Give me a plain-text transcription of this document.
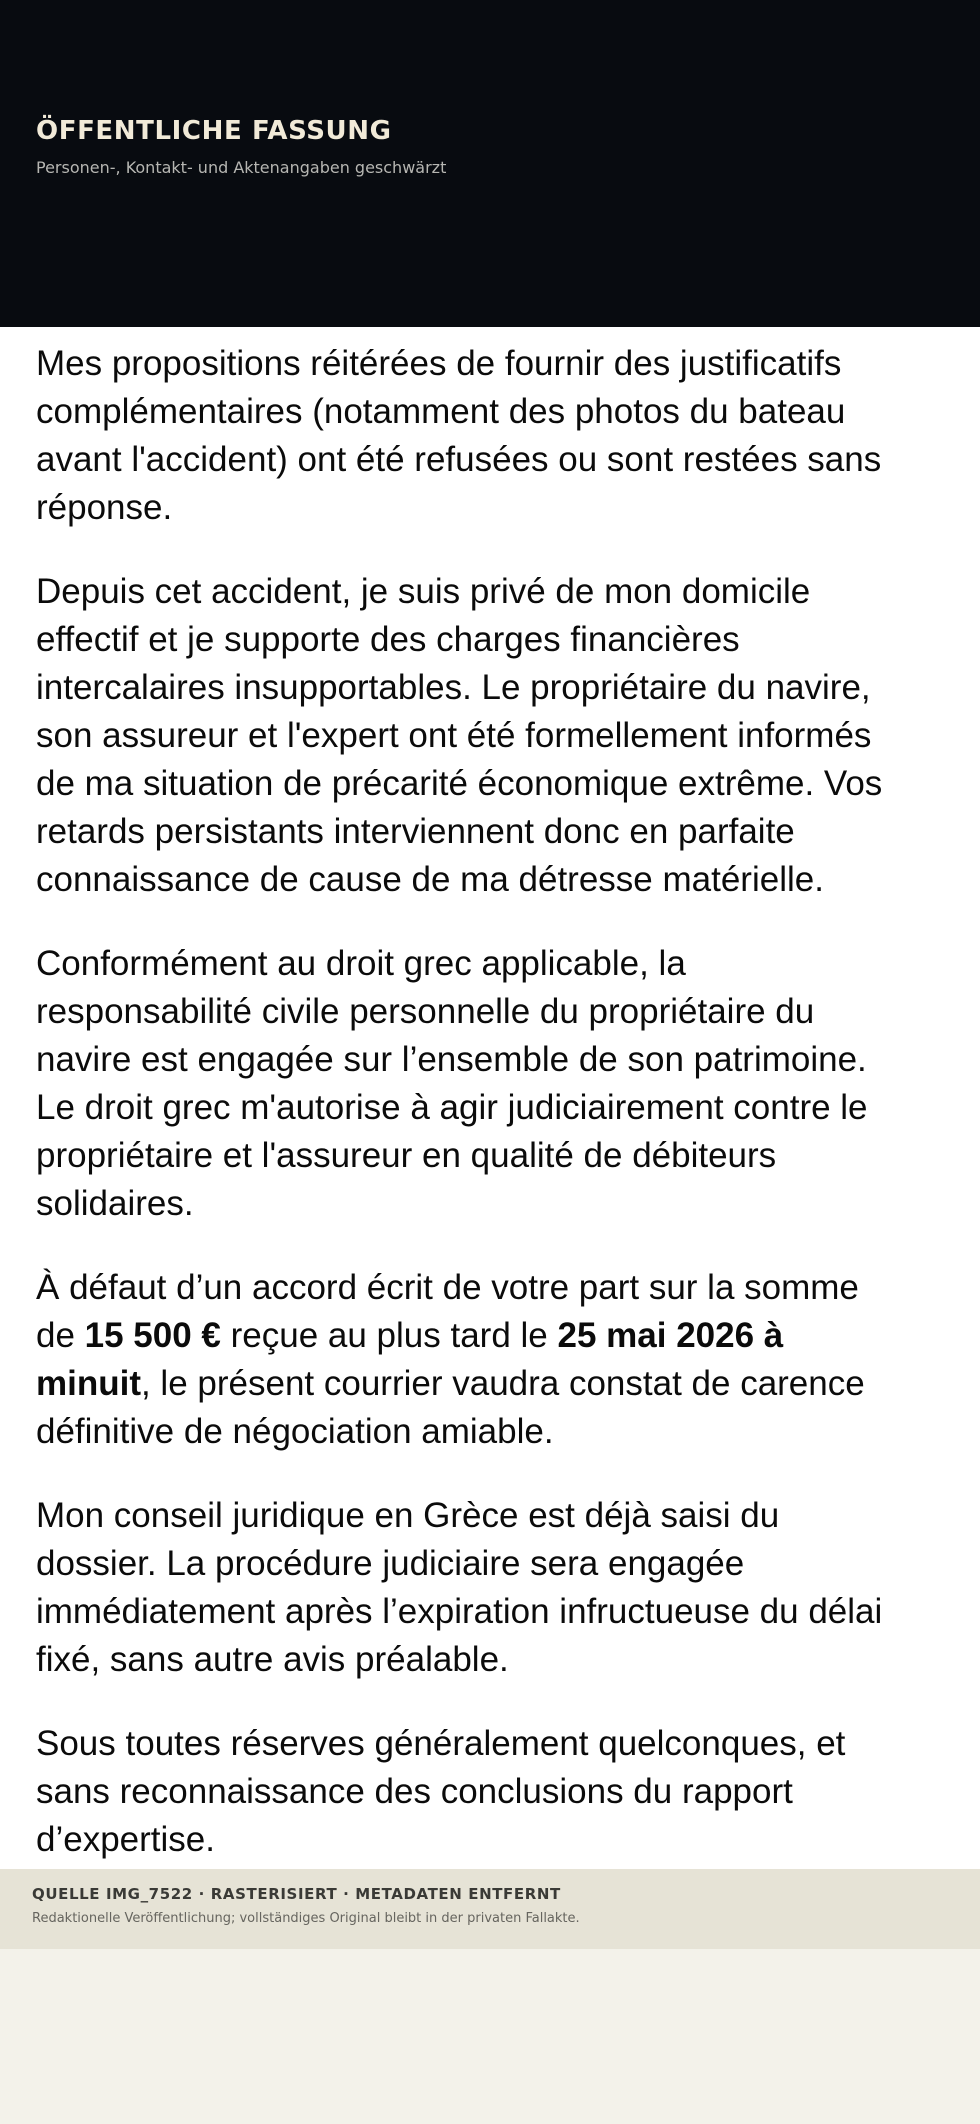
ÖFFENTLICHE FASSUNG
Personen-, Kontakt- und Aktenangaben geschwärzt

Mes propositions réitérées de fournir des justificatifs
complémentaires (notamment des photos du bateau
avant l'accident) ont été refusées ou sont restées sans
réponse.

Depuis cet accident, je suis privé de mon domicile
effectif et je supporte des charges financières
intercalaires insupportables. Le propriétaire du navire,
son assureur et l'expert ont été formellement informés
de ma situation de précarité économique extrême. Vos
retards persistants interviennent donc en parfaite
connaissance de cause de ma détresse matérielle.

Conformément au droit grec applicable, la
responsabilité civile personnelle du propriétaire du
navire est engagée sur l’ensemble de son patrimoine.
Le droit grec m'autorise à agir judiciairement contre le
propriétaire et l'assureur en qualité de débiteurs
solidaires.

À défaut d’un accord écrit de votre part sur la somme
de 15 500 € reçue au plus tard le 25 mai 2026 à
minuit, le présent courrier vaudra constat de carence
définitive de négociation amiable.

Mon conseil juridique en Grèce est déjà saisi du
dossier. La procédure judiciaire sera engagée
immédiatement après l’expiration infructueuse du délai
fixé, sans autre avis préalable.

Sous toutes réserves généralement quelconques, et
sans reconnaissance des conclusions du rapport
d’expertise.

QUELLE IMG_7522 · RASTERISIERT · METADATEN ENTFERNT
Redaktionelle Veröffentlichung; vollständiges Original bleibt in der privaten Fallakte.
